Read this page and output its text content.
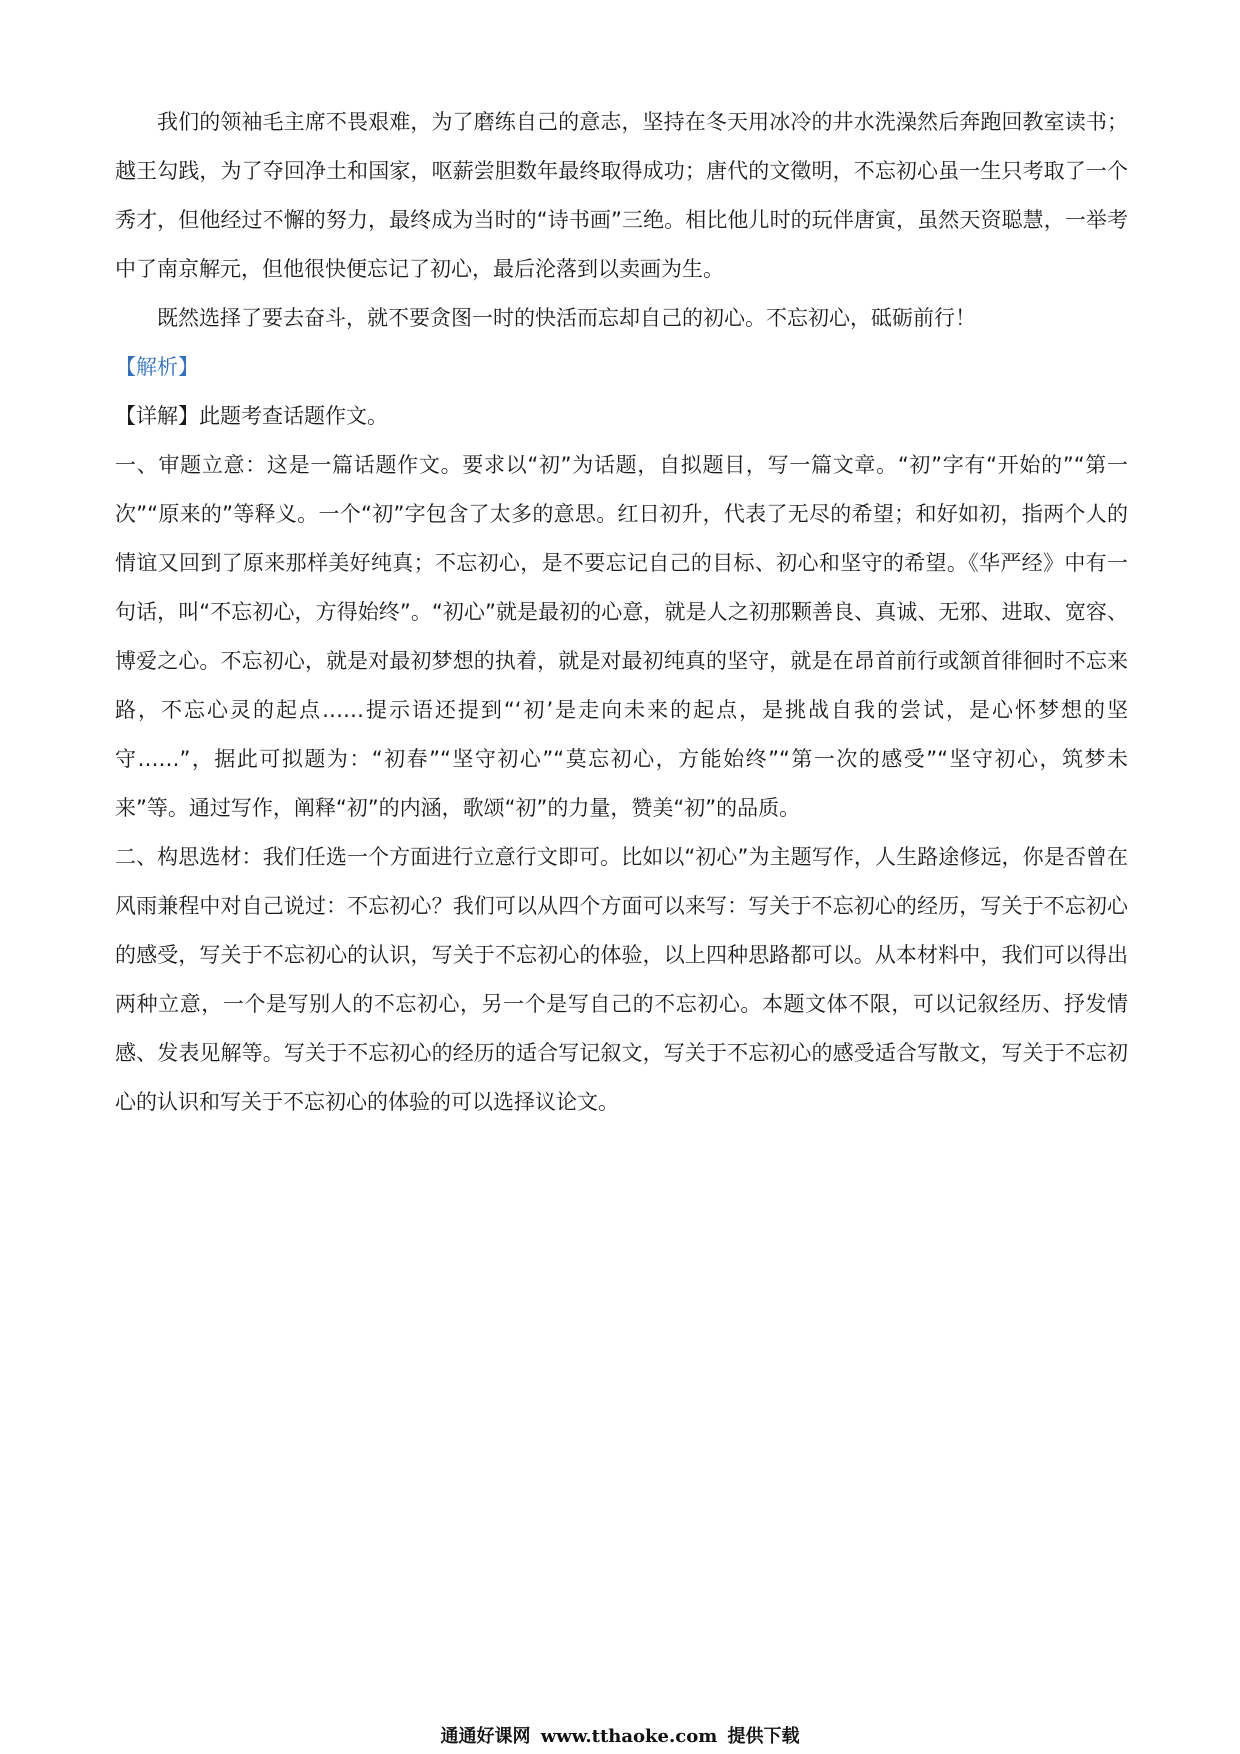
我们的领袖毛主席不畏艰难，为了磨练自己的意志，坚持在冬天用冰冷的井水洗澡然后奔跑回教室读书；越王勾践，为了夺回净土和国家，呕薪尝胆数年最终取得成功；唐代的文徵明，不忘初心虽一生只考取了一个秀才，但他经过不懈的努力，最终成为当时的“诗书画”三绝。相比他儿时的玩伴唐寅，虽然天资聪慧，一举考中了南京解元，但他很快便忘记了初心，最后沦落到以卖画为生。

既然选择了要去奋斗，就不要贪图一时的快活而忘却自己的初心。不忘初心，砥砺前行！

【解析】

【详解】此题考查话题作文。

一、审题立意：这是一篇话题作文。要求以“初”为话题，自拟题目，写一篇文章。“初”字有“开始的”“第一次”“原来的”等释义。一个“初”字包含了太多的意思。红日初升，代表了无尽的希望；和好如初，指两个人的情谊又回到了原来那样美好纯真；不忘初心，是不要忘记自己的目标、初心和坚守的希望。《华严经》中有一句话，叫“不忘初心，方得始终”。“初心”就是最初的心意，就是人之初那颗善良、真诚、无邪、进取、宽容、博爱之心。不忘初心，就是对最初梦想的执着，就是对最初纯真的坚守，就是在昂首前行或颔首徘徊时不忘来路，不忘心灵的起点……提示语还提到“‘初’是走向未来的起点，是挑战自我的尝试，是心怀梦想的坚守……”，据此可拟题为：“初春”“坚守初心”“莫忘初心，方能始终”“第一次的感受”“坚守初心，筑梦未来”等。通过写作，阐释“初”的内涵，歌颂“初”的力量，赞美“初”的品质。

二、构思选材：我们任选一个方面进行立意行文即可。比如以“初心”为主题写作，人生路途修远，你是否曾在风雨兼程中对自己说过：不忘初心？我们可以从四个方面可以来写：写关于不忘初心的经历，写关于不忘初心的感受，写关于不忘初心的认识，写关于不忘初心的体验，以上四种思路都可以。从本材料中，我们可以得出两种立意，一个是写别人的不忘初心，另一个是写自己的不忘初心。本题文体不限，可以记叙经历、抒发情感、发表见解等。写关于不忘初心的经历的适合写记叙文，写关于不忘初心的感受适合写散文，写关于不忘初心的认识和写关于不忘初心的体验的可以选择议论文。

通通好课网 www.tthaoke.com 提供下载
